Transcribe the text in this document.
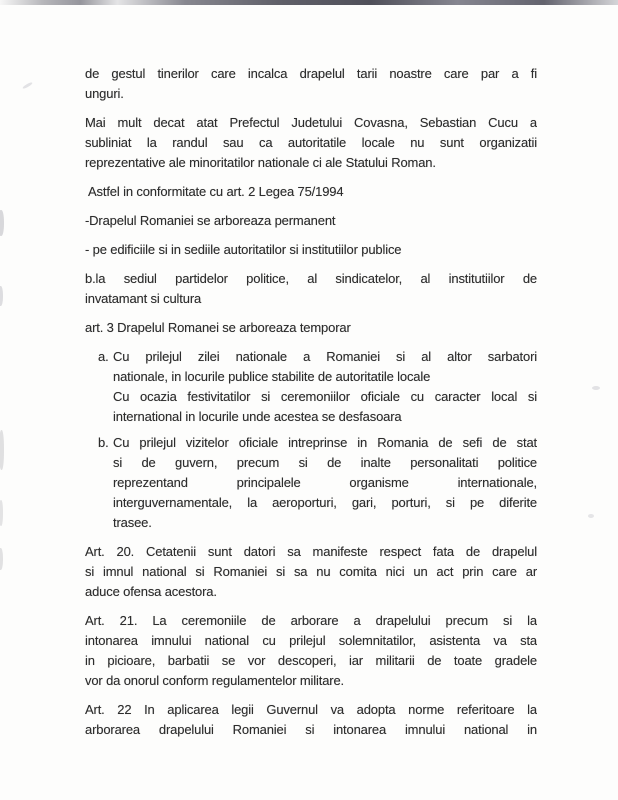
de gestul tinerilor care incalca drapelul tarii noastre care par a fi
unguri.
Mai mult decat atat Prefectul Judetului Covasna, Sebastian Cucu a
subliniat la randul sau ca autoritatile locale nu sunt organizatii
reprezentative ale minoritatilor nationale ci ale Statului Roman.
Astfel in conformitate cu art. 2 Legea 75/1994
-Drapelul Romaniei se arboreaza permanent
- pe edificiile si in sediile autoritatilor si institutiilor publice
b.la sediul partidelor politice, al sindicatelor, al institutiilor de
invatamant si cultura
art. 3 Drapelul Romanei se arboreaza temporar
a. Cu prilejul zilei nationale a Romaniei si al altor sarbatori
nationale, in locurile publice stabilite de autoritatile locale
Cu ocazia festivitatilor si ceremoniilor oficiale cu caracter local si
international in locurile unde acestea se desfasoara
b. Cu prilejul vizitelor oficiale intreprinse in Romania de sefi de stat
si de guvern, precum si de inalte personalitati politice
reprezentand principalele organisme internationale,
interguvernamentale, la aeroporturi, gari, porturi, si pe diferite
trasee.
Art. 20. Cetatenii sunt datori sa manifeste respect fata de drapelul
si imnul national si Romaniei si sa nu comita nici un act prin care ar
aduce ofensa acestora.
Art. 21. La ceremoniile de arborare a drapelului precum si la
intonarea imnului national cu prilejul solemnitatilor, asistenta va sta
in picioare, barbatii se vor descoperi, iar militarii de toate gradele
vor da onorul conform regulamentelor militare.
Art. 22 In aplicarea legii Guvernul va adopta norme referitoare la
arborarea drapelului Romaniei si intonarea imnului national in
